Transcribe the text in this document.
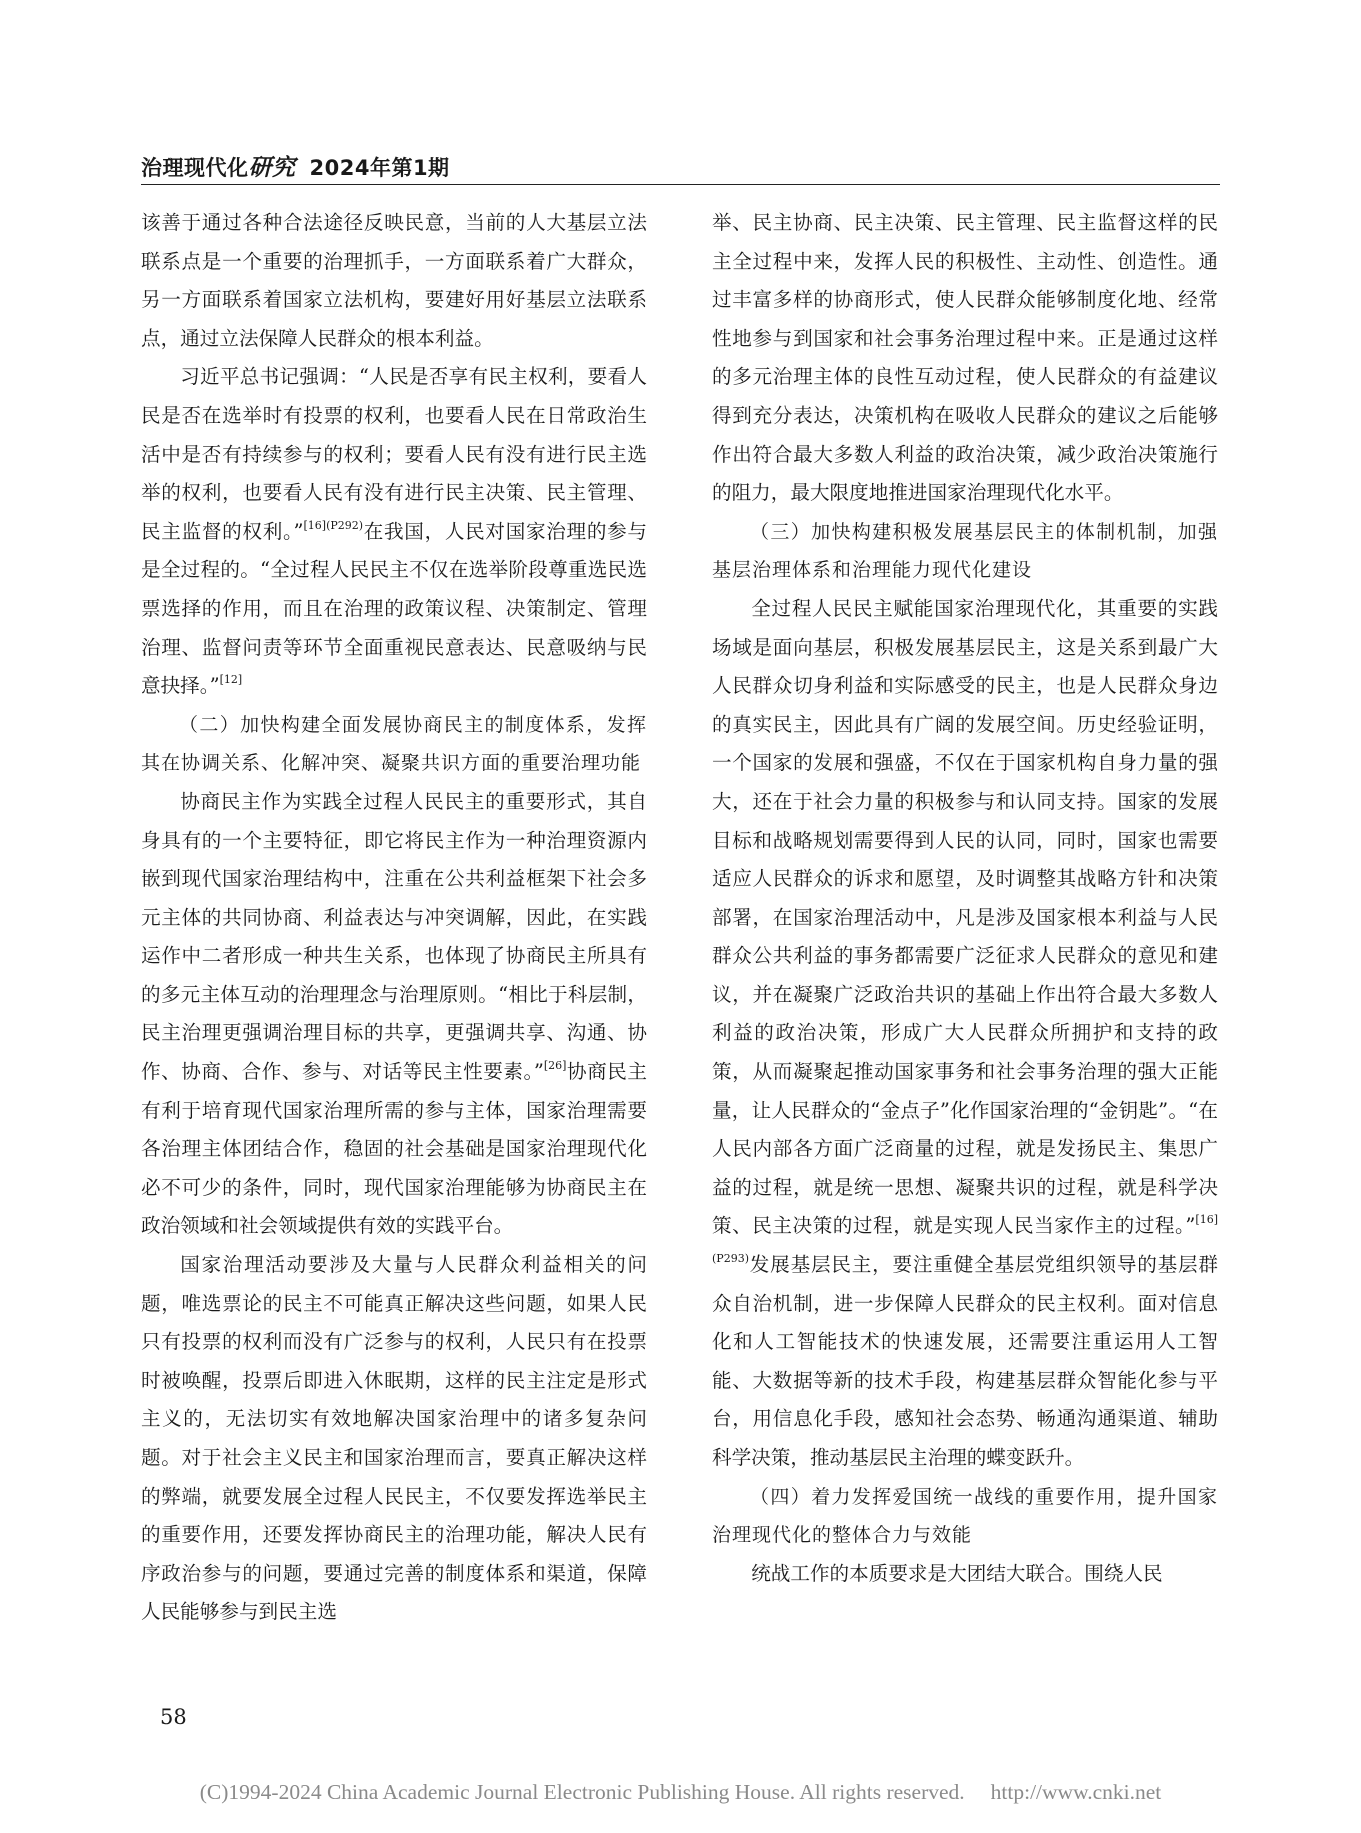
治理现代化研究 2024年第1期

该善于通过各种合法途径反映民意，当前的人大基层立法联系点是一个重要的治理抓手，一方面联系着广大群众，另一方面联系着国家立法机构，要建好用好基层立法联系点，通过立法保障人民群众的根本利益。

习近平总书记强调：“人民是否享有民主权利，要看人民是否在选举时有投票的权利，也要看人民在日常政治生活中是否有持续参与的权利；要看人民有没有进行民主选举的权利，也要看人民有没有进行民主决策、民主管理、民主监督的权利。”$^{[16](P292)}$在我国，人民对国家治理的参与是全过程的。“全过程人民民主不仅在选举阶段尊重选民选票选择的作用，而且在治理的政策议程、决策制定、管理治理、监督问责等环节全面重视民意表达、民意吸纳与民意抉择。”[12]

（二）加快构建全面发展协商民主的制度体系，发挥其在协调关系、化解冲突、凝聚共识方面的重要治理功能

协商民主作为实践全过程人民民主的重要形式，其自身具有的一个主要特征，即它将民主作为一种治理资源内嵌到现代国家治理结构中，注重在公共利益框架下社会多元主体的共同协商、利益表达与冲突调解，因此，在实践运作中二者形成一种共生关系，也体现了协商民主所具有的多元主体互动的治理理念与治理原则。“相比于科层制，民主治理更强调治理目标的共享，更强调共享、沟通、协作、协商、合作、参与、对话等民主性要素。”[26]协商民主有利于培育现代国家治理所需的参与主体，国家治理需要各治理主体团结合作，稳固的社会基础是国家治理现代化必不可少的条件，同时，现代国家治理能够为协商民主在政治领域和社会领域提供有效的实践平台。

国家治理活动要涉及大量与人民群众利益相关的问题，唯选票论的民主不可能真正解决这些问题，如果人民只有投票的权利而没有广泛参与的权利，人民只有在投票时被唤醒，投票后即进入休眠期，这样的民主注定是形式主义的，无法切实有效地解决国家治理中的诸多复杂问题。对于社会主义民主和国家治理而言，要真正解决这样的弊端，就要发展全过程人民民主，不仅要发挥选举民主的重要作用，还要发挥协商民主的治理功能，解决人民有序政治参与的问题，要通过完善的制度体系和渠道，保障人民能够参与到民主选

举、民主协商、民主决策、民主管理、民主监督这样的民主全过程中来，发挥人民的积极性、主动性、创造性。通过丰富多样的协商形式，使人民群众能够制度化地、经常性地参与到国家和社会事务治理过程中来。正是通过这样的多元治理主体的良性互动过程，使人民群众的有益建议得到充分表达，决策机构在吸收人民群众的建议之后能够作出符合最大多数人利益的政治决策，减少政治决策施行的阻力，最大限度地推进国家治理现代化水平。

（三）加快构建积极发展基层民主的体制机制，加强基层治理体系和治理能力现代化建设

全过程人民民主赋能国家治理现代化，其重要的实践场域是面向基层，积极发展基层民主，这是关系到最广大人民群众切身利益和实际感受的民主，也是人民群众身边的真实民主，因此具有广阔的发展空间。历史经验证明，一个国家的发展和强盛，不仅在于国家机构自身力量的强大，还在于社会力量的积极参与和认同支持。国家的发展目标和战略规划需要得到人民的认同，同时，国家也需要适应人民群众的诉求和愿望，及时调整其战略方针和决策部署，在国家治理活动中，凡是涉及国家根本利益与人民群众公共利益的事务都需要广泛征求人民群众的意见和建议，并在凝聚广泛政治共识的基础上作出符合最大多数人利益的政治决策，形成广大人民群众所拥护和支持的政策，从而凝聚起推动国家事务和社会事务治理的强大正能量，让人民群众的“金点子”化作国家治理的“金钥匙”。“在人民内部各方面广泛商量的过程，就是发扬民主、集思广益的过程，就是统一思想、凝聚共识的过程，就是科学决策、民主决策的过程，就是实现人民当家作主的过程。”$^{[16](P293)}$发展基层民主，要注重健全基层党组织领导的基层群众自治机制，进一步保障人民群众的民主权利。面对信息化和人工智能技术的快速发展，还需要注重运用人工智能、大数据等新的技术手段，构建基层群众智能化参与平台，用信息化手段，感知社会态势、畅通沟通渠道、辅助科学决策，推动基层民主治理的蝶变跃升。

（四）着力发挥爱国统一战线的重要作用，提升国家治理现代化的整体合力与效能

统战工作的本质要求是大团结大联合。围绕人民

58
(C)1994-2024 China Academic Journal Electronic Publishing House. All rights reserved. http://www.cnki.net
